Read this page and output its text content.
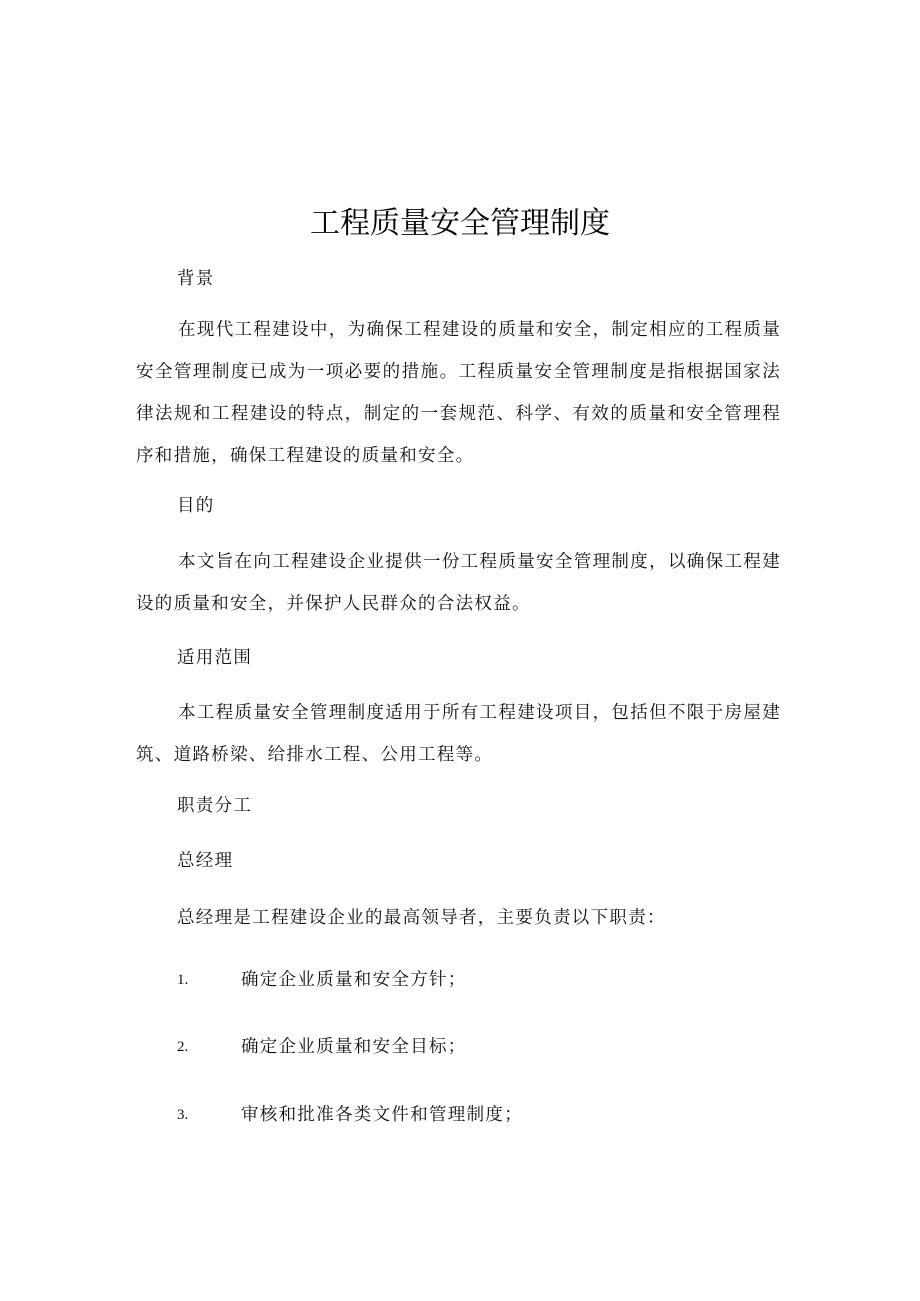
工程质量安全管理制度
背景
在现代工程建设中，为确保工程建设的质量和安全，制定相应的工程质量安全管理制度已成为一项必要的措施。工程质量安全管理制度是指根据国家法律法规和工程建设的特点，制定的一套规范、科学、有效的质量和安全管理程序和措施，确保工程建设的质量和安全。
目的
本文旨在向工程建设企业提供一份工程质量安全管理制度，以确保工程建设的质量和安全，并保护人民群众的合法权益。
适用范围
本工程质量安全管理制度适用于所有工程建设项目，包括但不限于房屋建筑、道路桥梁、给排水工程、公用工程等。
职责分工
总经理
总经理是工程建设企业的最高领导者，主要负责以下职责：
1.	确定企业质量和安全方针；
2.	确定企业质量和安全目标；
3.	审核和批准各类文件和管理制度；
